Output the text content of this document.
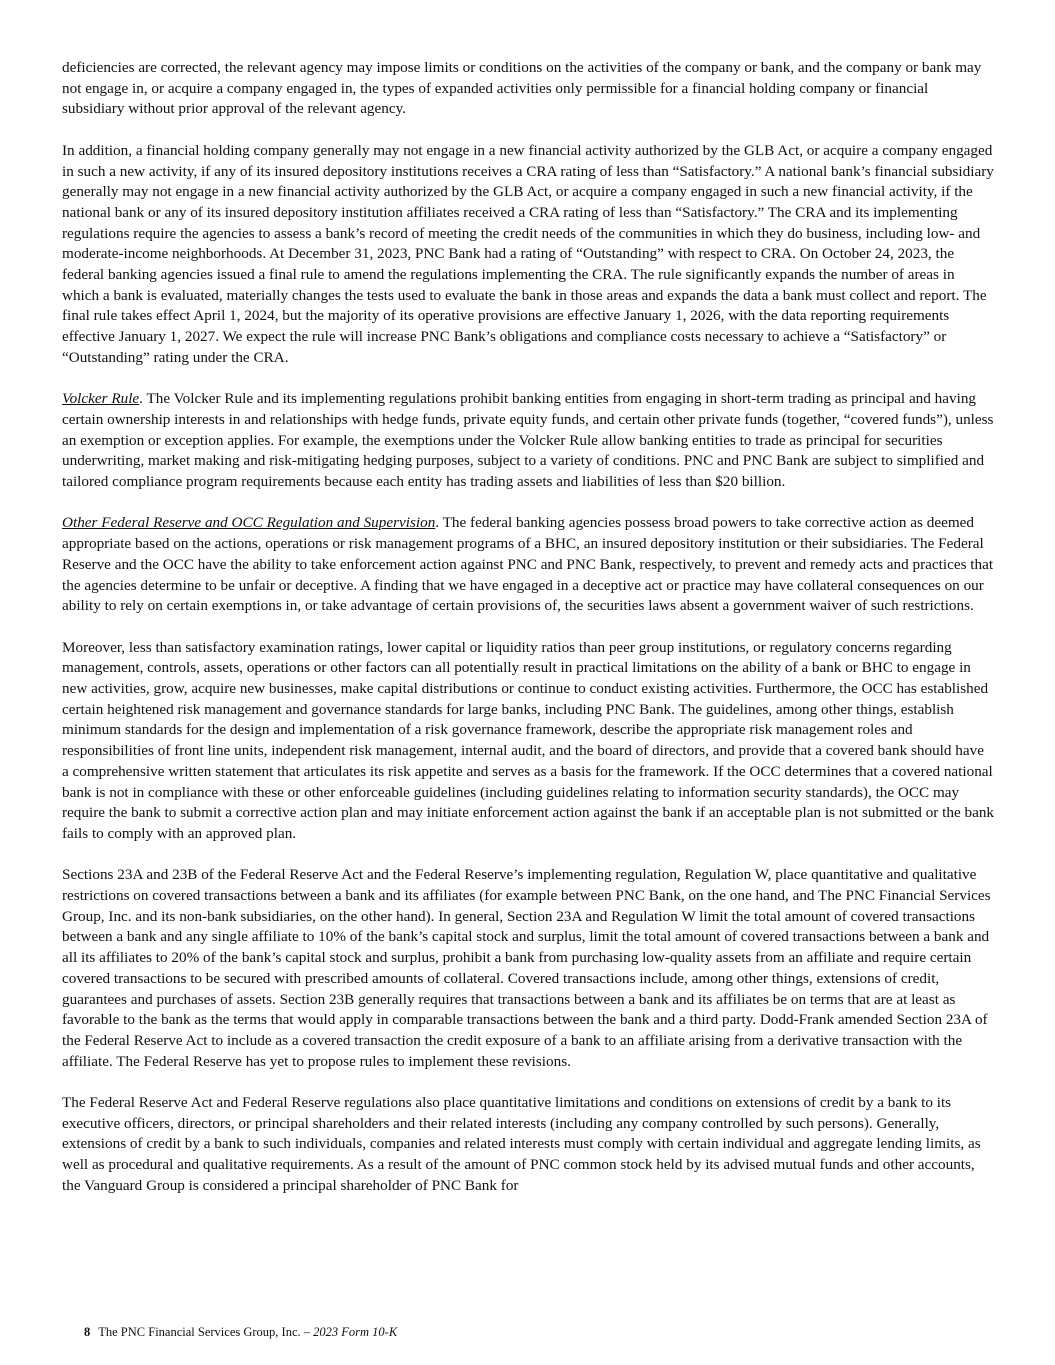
deficiencies are corrected, the relevant agency may impose limits or conditions on the activities of the company or bank, and the company or bank may not engage in, or acquire a company engaged in, the types of expanded activities only permissible for a financial holding company or financial subsidiary without prior approval of the relevant agency.

In addition, a financial holding company generally may not engage in a new financial activity authorized by the GLB Act, or acquire a company engaged in such a new activity, if any of its insured depository institutions receives a CRA rating of less than “Satisfactory.” A national bank’s financial subsidiary generally may not engage in a new financial activity authorized by the GLB Act, or acquire a company engaged in such a new financial activity, if the national bank or any of its insured depository institution affiliates received a CRA rating of less than “Satisfactory.” The CRA and its implementing regulations require the agencies to assess a bank’s record of meeting the credit needs of the communities in which they do business, including low- and moderate-income neighborhoods. At December 31, 2023, PNC Bank had a rating of “Outstanding” with respect to CRA. On October 24, 2023, the federal banking agencies issued a final rule to amend the regulations implementing the CRA. The rule significantly expands the number of areas in which a bank is evaluated, materially changes the tests used to evaluate the bank in those areas and expands the data a bank must collect and report. The final rule takes effect April 1, 2024, but the majority of its operative provisions are effective January 1, 2026, with the data reporting requirements effective January 1, 2027. We expect the rule will increase PNC Bank’s obligations and compliance costs necessary to achieve a “Satisfactory” or “Outstanding” rating under the CRA.

Volcker Rule. The Volcker Rule and its implementing regulations prohibit banking entities from engaging in short-term trading as principal and having certain ownership interests in and relationships with hedge funds, private equity funds, and certain other private funds (together, “covered funds”), unless an exemption or exception applies. For example, the exemptions under the Volcker Rule allow banking entities to trade as principal for securities underwriting, market making and risk-mitigating hedging purposes, subject to a variety of conditions. PNC and PNC Bank are subject to simplified and tailored compliance program requirements because each entity has trading assets and liabilities of less than $20 billion.

Other Federal Reserve and OCC Regulation and Supervision. The federal banking agencies possess broad powers to take corrective action as deemed appropriate based on the actions, operations or risk management programs of a BHC, an insured depository institution or their subsidiaries. The Federal Reserve and the OCC have the ability to take enforcement action against PNC and PNC Bank, respectively, to prevent and remedy acts and practices that the agencies determine to be unfair or deceptive. A finding that we have engaged in a deceptive act or practice may have collateral consequences on our ability to rely on certain exemptions in, or take advantage of certain provisions of, the securities laws absent a government waiver of such restrictions.

Moreover, less than satisfactory examination ratings, lower capital or liquidity ratios than peer group institutions, or regulatory concerns regarding management, controls, assets, operations or other factors can all potentially result in practical limitations on the ability of a bank or BHC to engage in new activities, grow, acquire new businesses, make capital distributions or continue to conduct existing activities. Furthermore, the OCC has established certain heightened risk management and governance standards for large banks, including PNC Bank. The guidelines, among other things, establish minimum standards for the design and implementation of a risk governance framework, describe the appropriate risk management roles and responsibilities of front line units, independent risk management, internal audit, and the board of directors, and provide that a covered bank should have a comprehensive written statement that articulates its risk appetite and serves as a basis for the framework. If the OCC determines that a covered national bank is not in compliance with these or other enforceable guidelines (including guidelines relating to information security standards), the OCC may require the bank to submit a corrective action plan and may initiate enforcement action against the bank if an acceptable plan is not submitted or the bank fails to comply with an approved plan.

Sections 23A and 23B of the Federal Reserve Act and the Federal Reserve’s implementing regulation, Regulation W, place quantitative and qualitative restrictions on covered transactions between a bank and its affiliates (for example between PNC Bank, on the one hand, and The PNC Financial Services Group, Inc. and its non-bank subsidiaries, on the other hand). In general, Section 23A and Regulation W limit the total amount of covered transactions between a bank and any single affiliate to 10% of the bank’s capital stock and surplus, limit the total amount of covered transactions between a bank and all its affiliates to 20% of the bank’s capital stock and surplus, prohibit a bank from purchasing low-quality assets from an affiliate and require certain covered transactions to be secured with prescribed amounts of collateral. Covered transactions include, among other things, extensions of credit, guarantees and purchases of assets. Section 23B generally requires that transactions between a bank and its affiliates be on terms that are at least as favorable to the bank as the terms that would apply in comparable transactions between the bank and a third party. Dodd-Frank amended Section 23A of the Federal Reserve Act to include as a covered transaction the credit exposure of a bank to an affiliate arising from a derivative transaction with the affiliate. The Federal Reserve has yet to propose rules to implement these revisions.

The Federal Reserve Act and Federal Reserve regulations also place quantitative limitations and conditions on extensions of credit by a bank to its executive officers, directors, or principal shareholders and their related interests (including any company controlled by such persons). Generally, extensions of credit by a bank to such individuals, companies and related interests must comply with certain individual and aggregate lending limits, as well as procedural and qualitative requirements. As a result of the amount of PNC common stock held by its advised mutual funds and other accounts, the Vanguard Group is considered a principal shareholder of PNC Bank for

8 The PNC Financial Services Group, Inc. – 2023 Form 10-K
